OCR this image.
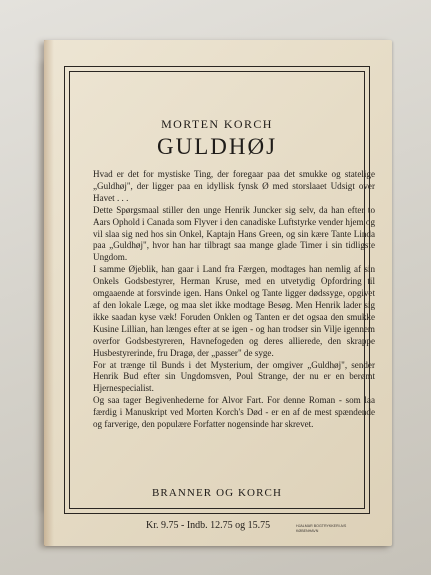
MORTEN KORCH
GULDHØJ

Hvad er det for mystiske Ting, der foregaar paa det smukke og statelige „Guldhøj", der ligger paa en idyllisk fynsk Ø med storslaaet Udsigt over Havet . . .

Dette Spørgsmaal stiller den unge Henrik Juncker sig selv, da han efter to Aars Ophold i Canada som Flyver i den canadiske Luftstyrke vender hjem og vil slaa sig ned hos sin Onkel, Kaptajn Hans Green, og sin kære Tante Linda paa „Guldhøj", hvor han har tilbragt saa mange glade Timer i sin tidligste Ungdom.

I samme Øjeblik, han gaar i Land fra Færgen, modtages han nemlig af sin Onkels Godsbestyrer, Herman Kruse, med en utvetydig Opfordring til omgaaende at forsvinde igen. Hans Onkel og Tante ligger dødssyge, opgivet af den lokale Læge, og maa slet ikke modtage Besøg. Men Henrik lader sig ikke saadan kyse væk! Foruden Onklen og Tanten er det ogsaa den smukke Kusine Lillian, han længes efter at se igen - og han trodser sin Vilje igennem overfor Godsbestyreren, Havnefogeden og deres allierede, den skrappe Husbestyrerinde, fru Dragø, der „passer" de syge.

For at trænge til Bunds i det Mysterium, der omgiver „Guldhøj", sender Henrik Bud efter sin Ungdomsven, Poul Strange, der nu er en berømt Hjernespecialist.

Og saa tager Begivenhederne for Alvor Fart. For denne Roman - som laa færdig i Manuskript ved Morten Korch's Død - er en af de mest spændende og farverige, den populære Forfatter nogensinde har skrevet.

BRANNER OG KORCH
Kr. 9.75 - Indb. 12.75 og 15.75	HJALMAR BOGTRYKKERI A/S
KØBENHAVN
